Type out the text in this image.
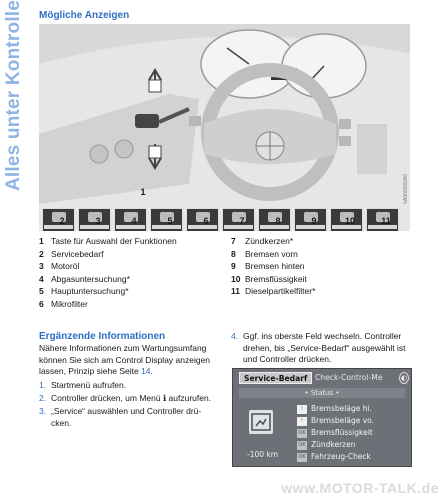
Alles unter Kontrolle Mögliche Anzeigen
VA00000DA0
1
2	3	4	5	6	7	8	9	10	11
1 Taste für Auswahl der Funktionen
2 Servicebedarf
3 Motoröl
4 Abgasuntersuchung*
5 Hauptuntersuchung*
6 Mikrofilter
7	Zündkerzen*
8	Bremsen vorn
9	Bremsen hinten
10 Bremsflüssigkeit
11 Dieselpartikelfilter*
Ergänzende Informationen
Nähere Informationen zum Wartungsumfang
können Sie sich am Control Display anzeigen
lassen, Prinzip siehe Seite 14.
1. Startmenü aufrufen.
2. Controller drücken, um Menü ℹ aufzurufen.
3. „Service“ auswählen und Controller drü-
cken.
4. Ggf. ins oberste Feld wechseln. Controller
drehen, bis „Service-Bedarf“ ausgewählt ist
und Controller drücken.
Service-Bedarf	Check-Control-Me	◐
• Status •
-100 km
! Bremsbeläge hi.
! Bremsbeläge vo.
OK Bremsflüssigkeit
OK Zündkerzen
OK Fahrzeug-Check
www.MOTOR-TALK.de
